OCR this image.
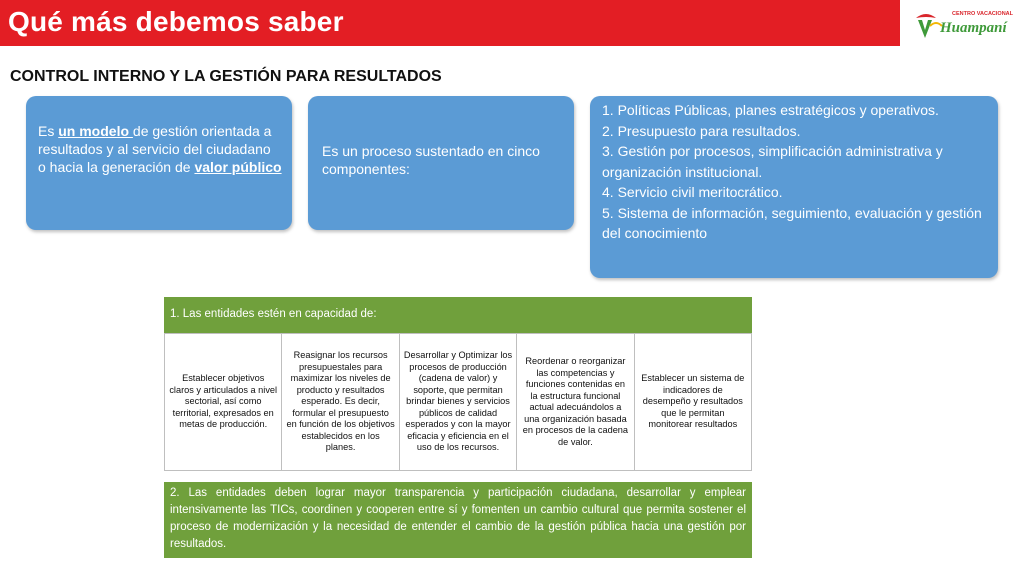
Qué más debemos saber	CENTRO VACACIONAL
Huampaní
CONTROL INTERNO Y LA GESTIÓN PARA RESULTADOS
Es un modelo de gestión orientada a resultados y al servicio del ciudadano o hacia la generación de valor público
Es un proceso sustentado en cinco componentes:
1. Políticas Públicas, planes estratégicos y operativos.
2. Presupuesto para resultados.
3. Gestión por procesos, simplificación administrativa y organización institucional.
4. Servicio civil meritocrático.
5. Sistema de información, seguimiento, evaluación y gestión del conocimiento
1. Las entidades estén en capacidad de:
Establecer objetivos claros y articulados a nivel sectorial, así como territorial, expresados en metas de producción.
Reasignar los recursos presupuestales para maximizar los niveles de producto y resultados esperado. Es decir, formular el presupuesto en función de los objetivos establecidos en los planes.
Desarrollar y Optimizar los procesos de producción (cadena de valor) y soporte, que permitan brindar bienes y servicios públicos de calidad esperados y con la mayor eficacia y eficiencia en el uso de los recursos.
Reordenar o reorganizar las competencias y funciones contenidas en la estructura funcional actual adecuándolos a una organización basada en procesos de la cadena de valor.
Establecer un sistema de indicadores de desempeño y resultados que le permitan monitorear resultados
2. Las entidades deben lograr mayor transparencia y participación ciudadana, desarrollar y emplear intensivamente las TICs, coordinen y cooperen entre sí y fomenten un cambio cultural que permita sostener el proceso de modernización y la necesidad de entender el cambio de la gestión pública hacia una gestión por resultados.
